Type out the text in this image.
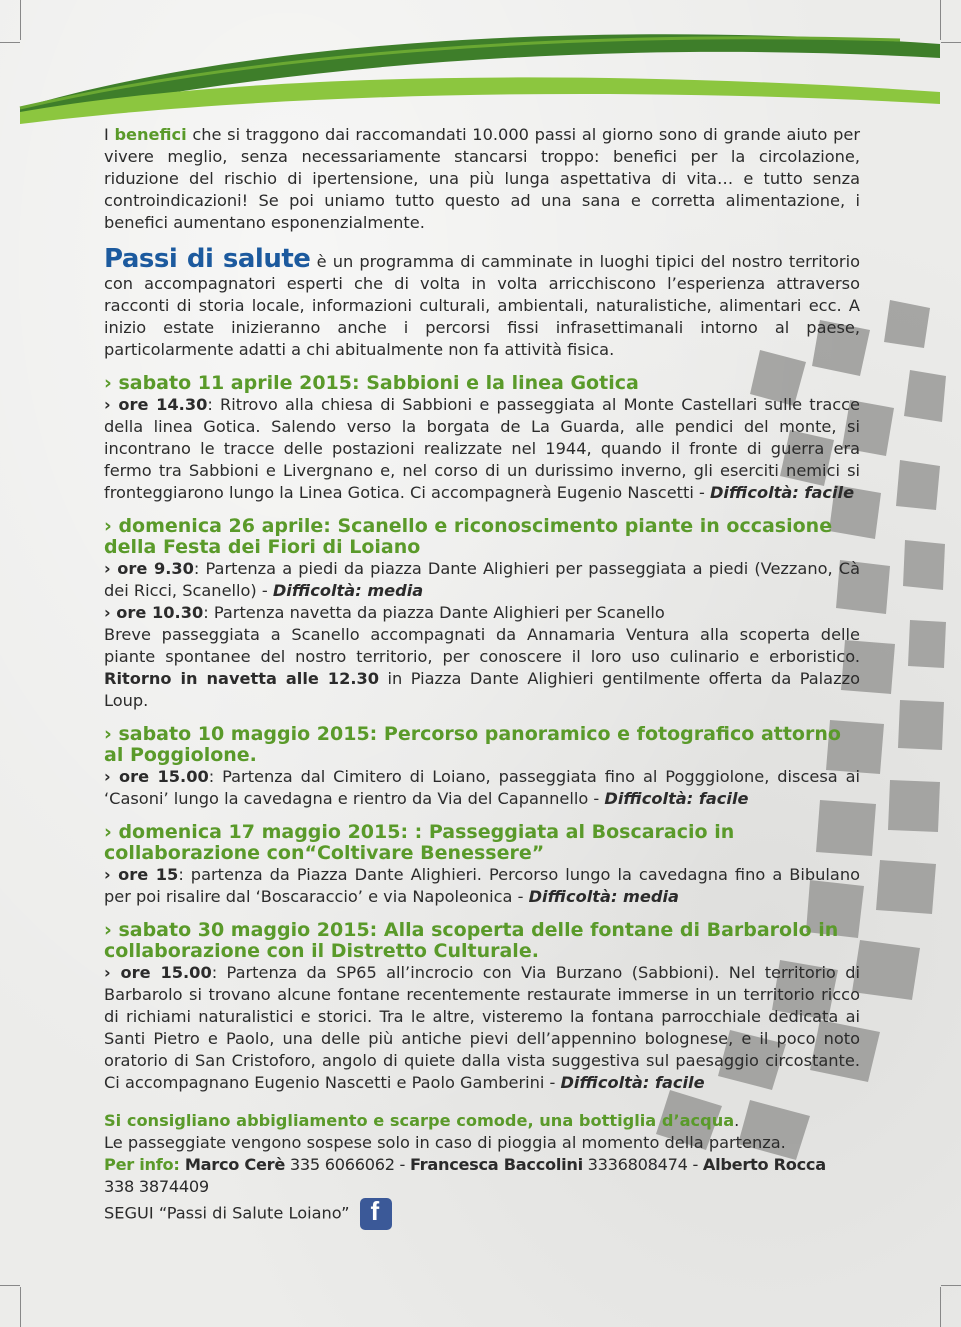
I benefici che si traggono dai raccomandati 10.000 passi al giorno sono di grande aiuto per vivere meglio, senza necessariamente stancarsi troppo: benefici per la circolazione, riduzione del rischio di ipertensione, una più lunga aspettativa di vita… e tutto senza controindicazioni! Se poi uniamo tutto questo ad una sana e corretta alimentazione, i benefici aumentano esponenzialmente.

Passi di salute è un programma di camminate in luoghi tipici del nostro territorio con accompagnatori esperti che di volta in volta arricchiscono l’esperienza attraverso racconti di storia locale, informazioni culturali, ambientali, naturalistiche, alimentari ecc. A inizio estate inizieranno anche i percorsi fissi infrasettimanali intorno al paese, particolarmente adatti a chi abitualmente non fa attività fisica.

› sabato 11 aprile 2015: Sabbioni e la linea Gotica

› ore 14.30: Ritrovo alla chiesa di Sabbioni e passeggiata al Monte Castellari sulle tracce della linea Gotica. Salendo verso la borgata de La Guarda, alle pendici del monte, si incontrano le tracce delle postazioni realizzate nel 1944, quando il fronte di guerra era fermo tra Sabbioni e Livergnano e, nel corso di un durissimo inverno, gli eserciti nemici si fronteggiarono lungo la Linea Gotica. Ci accompagnerà Eugenio Nascetti - Difficoltà: facile

› domenica 26 aprile: Scanello e riconoscimento piante in occasione della Festa dei Fiori di Loiano

› ore 9.30: Partenza a piedi da piazza Dante Alighieri per passeggiata a piedi (Vezzano, Cà dei Ricci, Scanello) - Difficoltà: media

› ore 10.30: Partenza navetta da piazza Dante Alighieri per Scanello

Breve passeggiata a Scanello accompagnati da Annamaria Ventura alla scoperta delle piante spontanee del nostro territorio, per conoscere il loro uso culinario e erboristico. Ritorno in navetta alle 12.30 in Piazza Dante Alighieri gentilmente offerta da Palazzo Loup.

› sabato 10 maggio 2015: Percorso panoramico e fotografico attorno al Poggiolone.

› ore 15.00: Partenza dal Cimitero di Loiano, passeggiata fino al Pogggiolone, discesa ai ‘Casoni’ lungo la cavedagna e rientro da Via del Capannello - Difficoltà: facile

› domenica 17 maggio 2015: : Passeggiata al Boscaracio in collaborazione con“Coltivare Benessere”

› ore 15: partenza da Piazza Dante Alighieri. Percorso lungo la cavedagna fino a Bibulano per poi risalire dal ‘Boscaraccio’ e via Napoleonica - Difficoltà: media

› sabato 30 maggio 2015: Alla scoperta delle fontane di Barbarolo in collaborazione con il Distretto Culturale.

› ore 15.00: Partenza da SP65 all’incrocio con Via Burzano (Sabbioni). Nel territorio di Barbarolo si trovano alcune fontane recentemente restaurate immerse in un territorio ricco di richiami naturalistici e storici. Tra le altre, visteremo la fontana parrocchiale dedicata ai Santi Pietro e Paolo, una delle più antiche pievi dell’appennino bolognese, e il poco noto oratorio di San Cristoforo, angolo di quiete dalla vista suggestiva sul paesaggio circostante. Ci accompagnano Eugenio Nascetti e Paolo Gamberini - Difficoltà: facile

Si consigliano abbigliamento e scarpe comode, una bottiglia d’acqua.
Le passeggiate vengono sospese solo in caso di pioggia al momento della partenza.
Per info: Marco Cerè 335 6066062 - Francesca Baccolini 3336808474 - Alberto Rocca 338 3874409
SEGUI “Passi di Salute Loiano” f
